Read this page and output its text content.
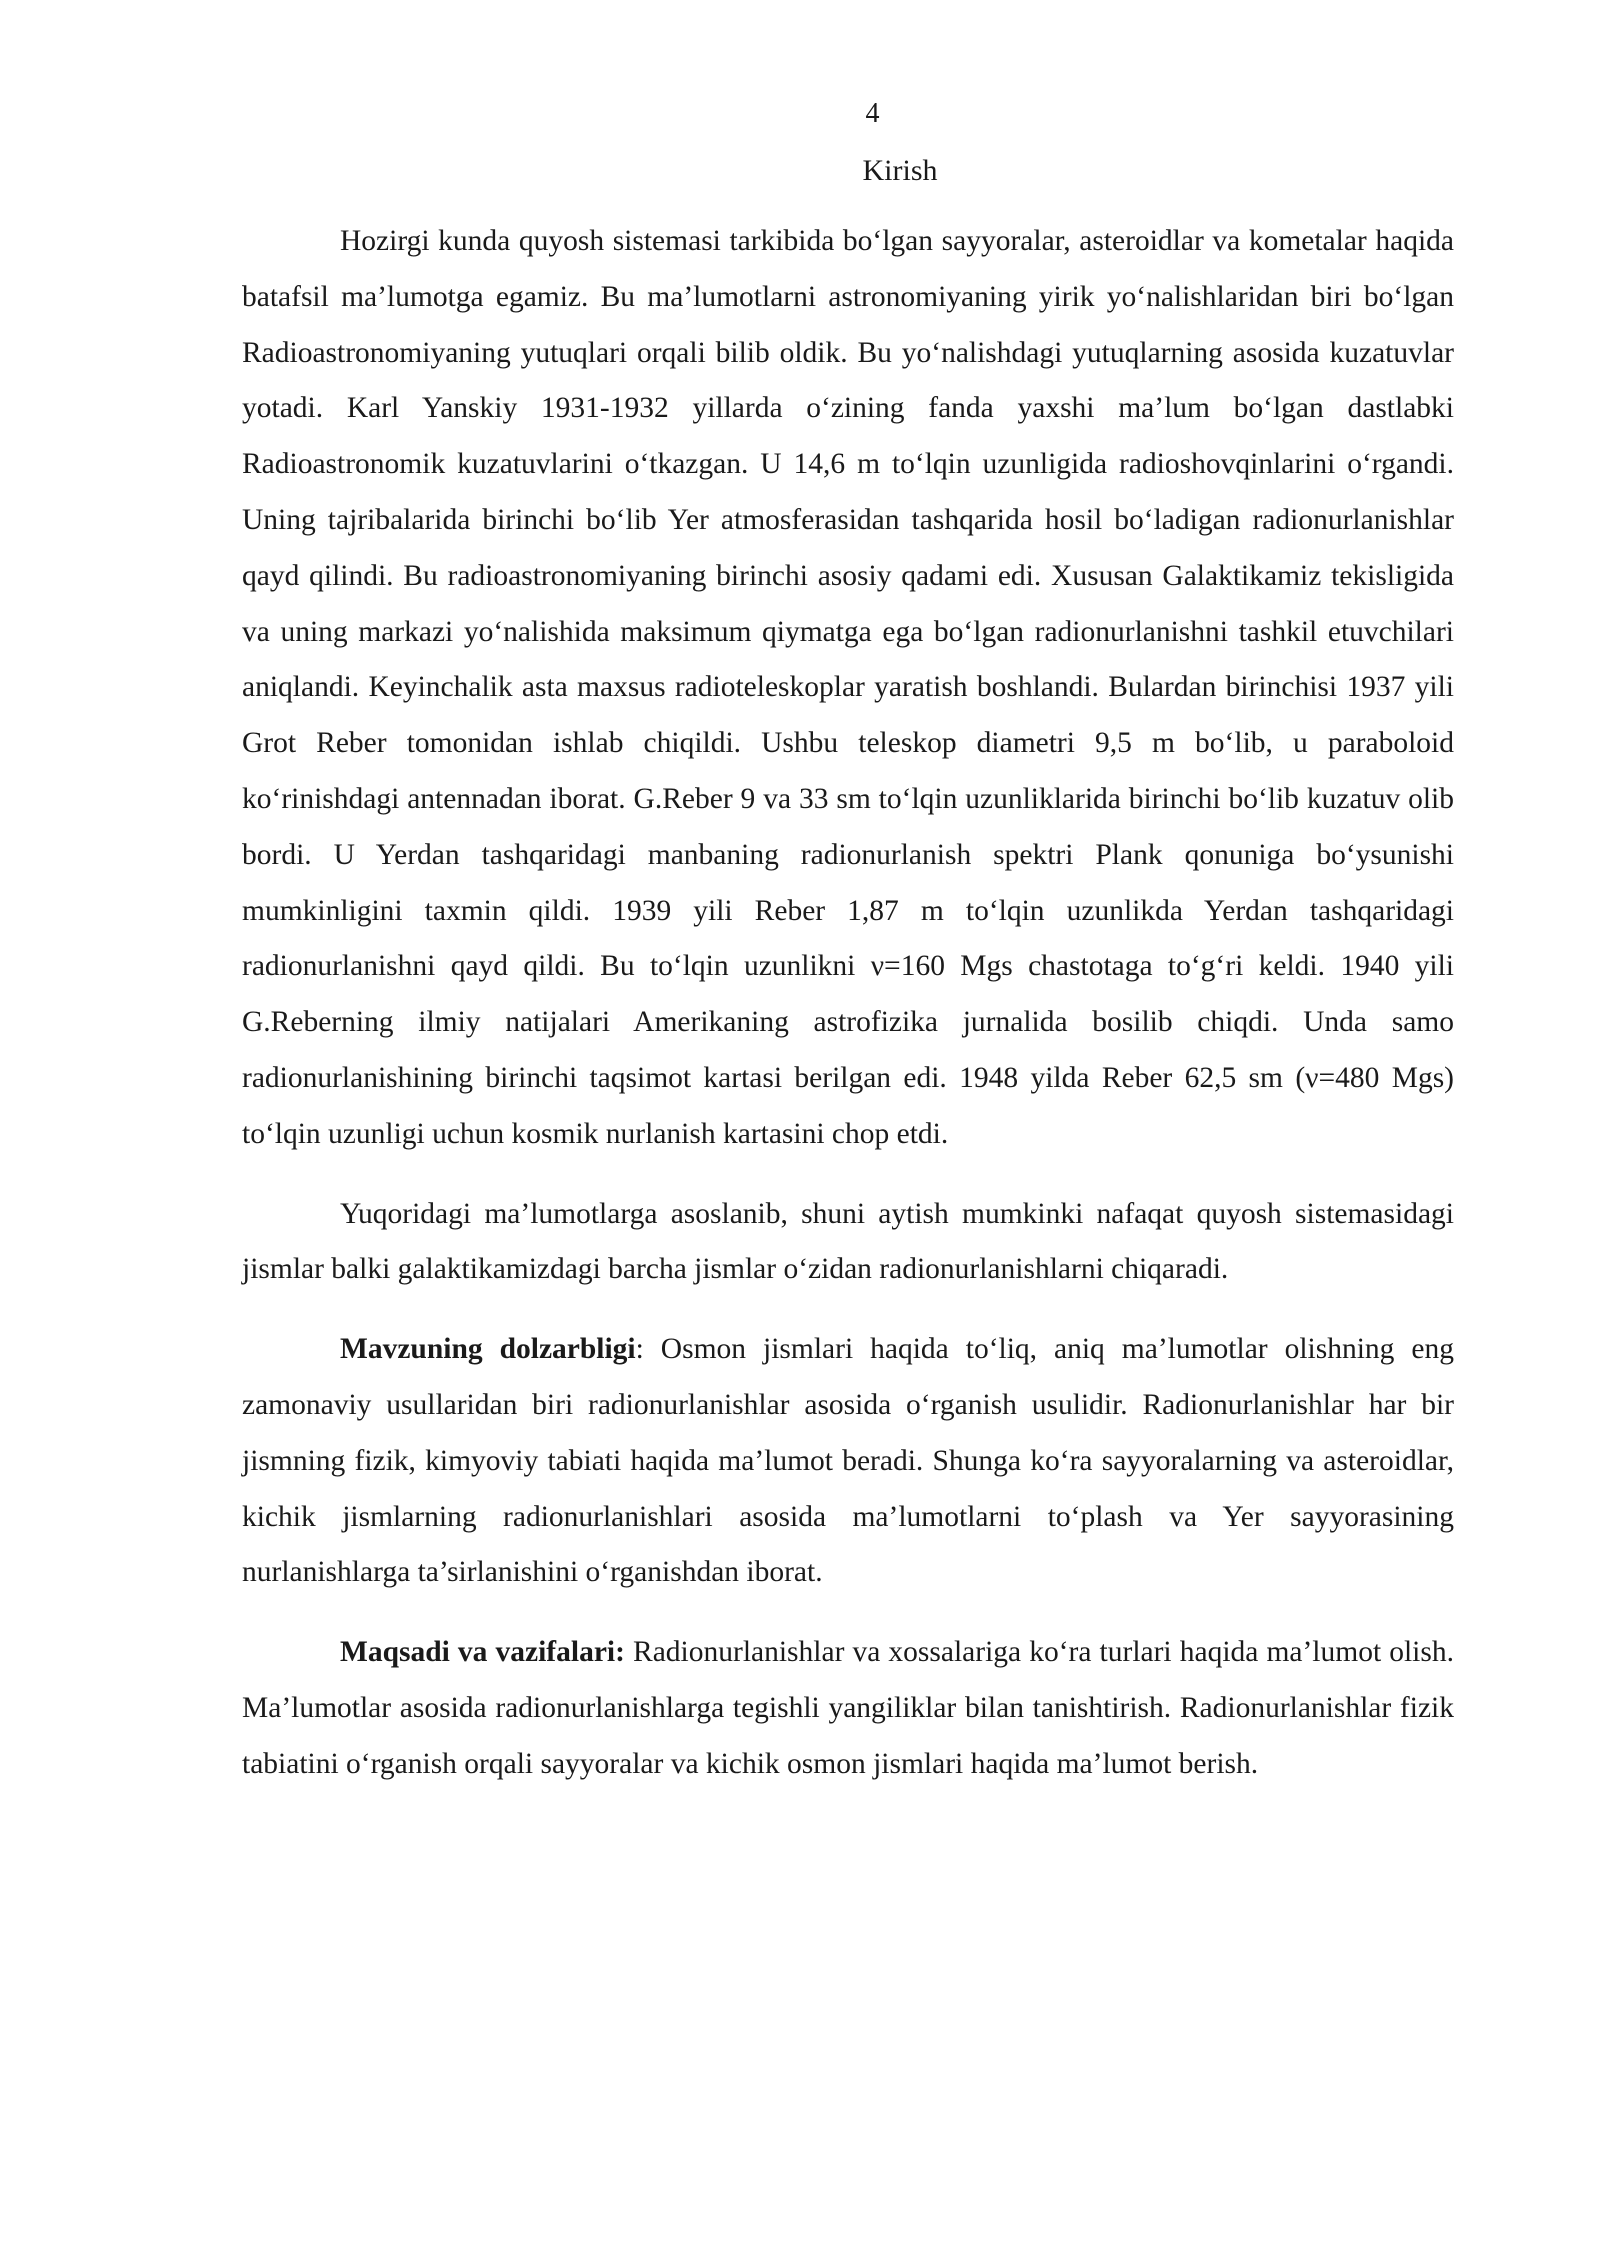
4
Kirish

Hozirgi kunda quyosh sistemasi tarkibida bo‘lgan sayyoralar, asteroidlar va kometalar haqida batafsil ma’lumotga egamiz. Bu ma’lumotlarni astronomiyaning yirik yo‘nalishlaridan biri bo‘lgan Radioastronomiyaning yutuqlari orqali bilib oldik. Bu yo‘nalishdagi yutuqlarning asosida kuzatuvlar yotadi. Karl Yanskiy 1931-1932 yillarda o‘zining fanda yaxshi ma’lum bo‘lgan dastlabki Radioastronomik kuzatuvlarini o‘tkazgan. U 14,6 m to‘lqin uzunligida radioshovqinlarini o‘rgandi. Uning tajribalarida birinchi bo‘lib Yer atmosferasidan tashqarida hosil bo‘ladigan radionurlanishlar qayd qilindi. Bu radioastronomiyaning birinchi asosiy qadami edi. Xususan Galaktikamiz tekisligida va uning markazi yo‘nalishida maksimum qiymatga ega bo‘lgan radionurlanishni tashkil etuvchilari aniqlandi. Keyinchalik asta maxsus radioteleskoplar yaratish boshlandi. Bulardan birinchisi 1937 yili Grot Reber tomonidan ishlab chiqildi. Ushbu teleskop diametri 9,5 m bo‘lib, u paraboloid ko‘rinishdagi antennadan iborat. G.Reber 9 va 33 sm to‘lqin uzunliklarida birinchi bo‘lib kuzatuv olib bordi. U Yerdan tashqaridagi manbaning radionurlanish spektri Plank qonuniga bo‘ysunishi mumkinligini taxmin qildi. 1939 yili Reber 1,87 m to‘lqin uzunlikda Yerdan tashqaridagi radionurlanishni qayd qildi. Bu to‘lqin uzunlikni ν=160 Mgs chastotaga to‘g‘ri keldi. 1940 yili G.Reberning ilmiy natijalari Amerikaning astrofizika jurnalida bosilib chiqdi. Unda samo radionurlanishining birinchi taqsimot kartasi berilgan edi. 1948 yilda Reber 62,5 sm (ν=480 Mgs) to‘lqin uzunligi uchun kosmik nurlanish kartasini chop etdi.

Yuqoridagi ma’lumotlarga asoslanib, shuni aytish mumkinki nafaqat quyosh sistemasidagi jismlar balki galaktikamizdagi barcha jismlar o‘zidan radionurlanishlarni chiqaradi.

Mavzuning dolzarbligi: Osmon jismlari haqida to‘liq, aniq ma’lumotlar olishning eng zamonaviy usullaridan biri radionurlanishlar asosida o‘rganish usulidir. Radionurlanishlar har bir jismning fizik, kimyoviy tabiati haqida ma’lumot beradi. Shunga ko‘ra sayyoralarning va asteroidlar, kichik jismlarning radionurlanishlari asosida ma’lumotlarni to‘plash va Yer sayyorasining nurlanishlarga ta’sirlanishini o‘rganishdan iborat.

Maqsadi va vazifalari: Radionurlanishlar va xossalariga ko‘ra turlari haqida ma’lumot olish. Ma’lumotlar asosida radionurlanishlarga tegishli yangiliklar bilan tanishtirish. Radionurlanishlar fizik tabiatini o‘rganish orqali sayyoralar va kichik osmon jismlari haqida ma’lumot berish.
